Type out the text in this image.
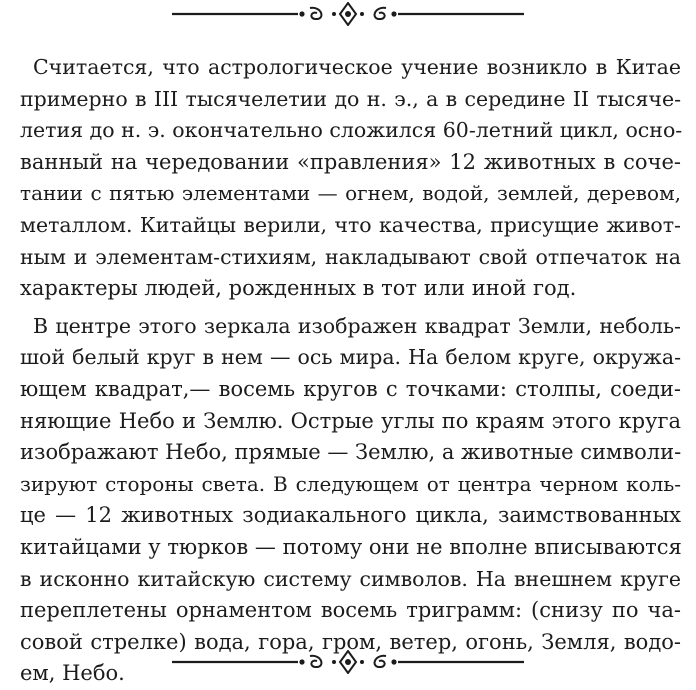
Считается, что астрологическое учение возникло в Китае
примерно в III тысячелетии до н. э., а в середине II тысяче-
летия до н. э. окончательно сложился 60-летний цикл, осно-
ванный на чередовании «правления» 12 животных в сочe-
тании с пятью элементами — огнем, водой, землей, деревом,
металлом. Китайцы верили, что качества, присущие живот-
ным и элементам-стихиям, накладывают свой отпечаток на
характеры людей, рожденных в тот или иной год.

В центре этого зеркала изображен квадрат Земли, неболь-
шой белый круг в нем — ось мира. На белом круге, окружа-
ющем квадрат,— восемь кругов с точками: столпы, соеди-
няющие Небо и Землю. Острые углы по краям этого круга
изображают Небо, прямые — Землю, а животные символи-
зируют стороны света. В следующем от центра черном коль-
це — 12 животных зодиакального цикла, заимствованных
китайцами у тюрков — потому они не вполне вписываются
в исконно китайскую систему символов. На внешнем круге
переплетены орнаментом восемь триграмм: (снизу по ча-
совой стрелке) вода, гора, гром, ветер, огонь, Земля, водо-
ем, Небо.
